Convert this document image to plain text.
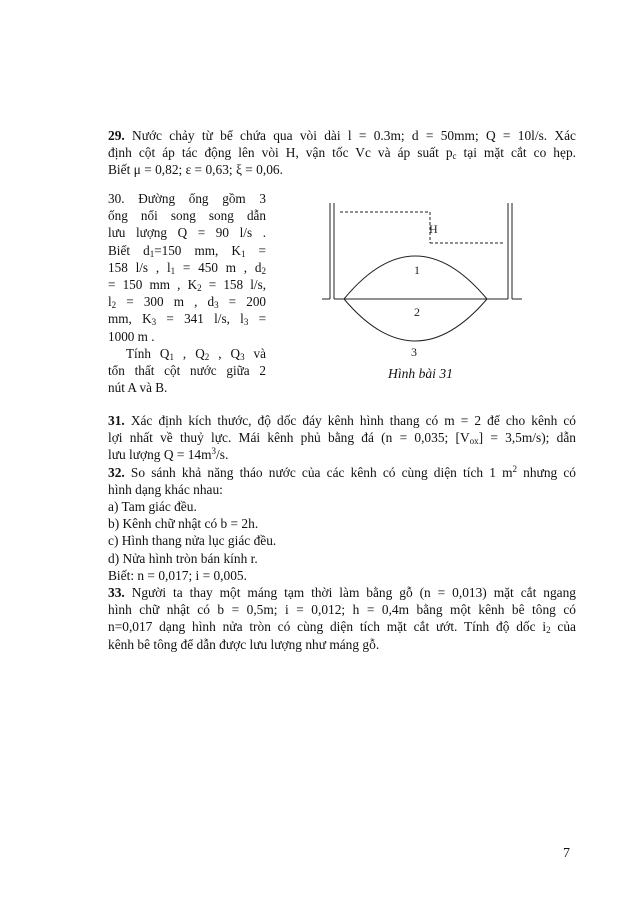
29. Nước chảy từ bể chứa qua vòi dài l = 0.3m; d = 50mm; Q = 10l/s. Xác
định cột áp tác động lên vòi H, vận tốc Vc và áp suất $p_c$ tại mặt cắt co hẹp.
Biết μ = 0,82; ε = 0,63; ξ = 0,06.
30. Đường ống gồm 3
ống nối song song dẫn
lưu lượng Q = 90 l/s .
Biết $d_1=150$ mm, $K_1$ =
158 l/s , $l_1 = 450$ m , $d_2$
= 150 mm , $K_2 = 158$ l/s,
$l_2 = 300$ m , $d_3 = 200$
mm, $K_3 = 341$ l/s, $l_3$ =
1000 m .
Tính $Q_1$ , $Q_2$ , $Q_3$ và
tổn thất cột nước giữa 2
nút A và B.
H
1
2
3
Hình bài 31
31. Xác định kích thước, độ dốc đáy kênh hình thang có m = 2 để cho kênh có
lợi nhất về thuỷ lực. Mái kênh phủ bằng đá (n = 0,035; $[V_{ox}] = 3,5m/s$); dẫn
lưu lượng $Q = 14m^3/s$.
32. So sánh khả năng tháo nước của các kênh có cùng diện tích 1 $m^2$ nhưng có
hình dạng khác nhau:
a) Tam giác đều.
b) Kênh chữ nhật có b = 2h.
c) Hình thang nửa lục giác đều.
d) Nửa hình tròn bán kính r.
Biết: n = 0,017; i = 0,005.
33. Người ta thay một máng tạm thời làm bằng gỗ (n = 0,013) mặt cắt ngang
hình chữ nhật có b = 0,5m; i = 0,012; h = 0,4m bằng một kênh bê tông có
n=0,017 dạng hình nửa tròn có cùng diện tích mặt cắt ướt. Tính độ dốc $i_2$ của
kênh bê tông để dẫn được lưu lượng như máng gỗ.
7
